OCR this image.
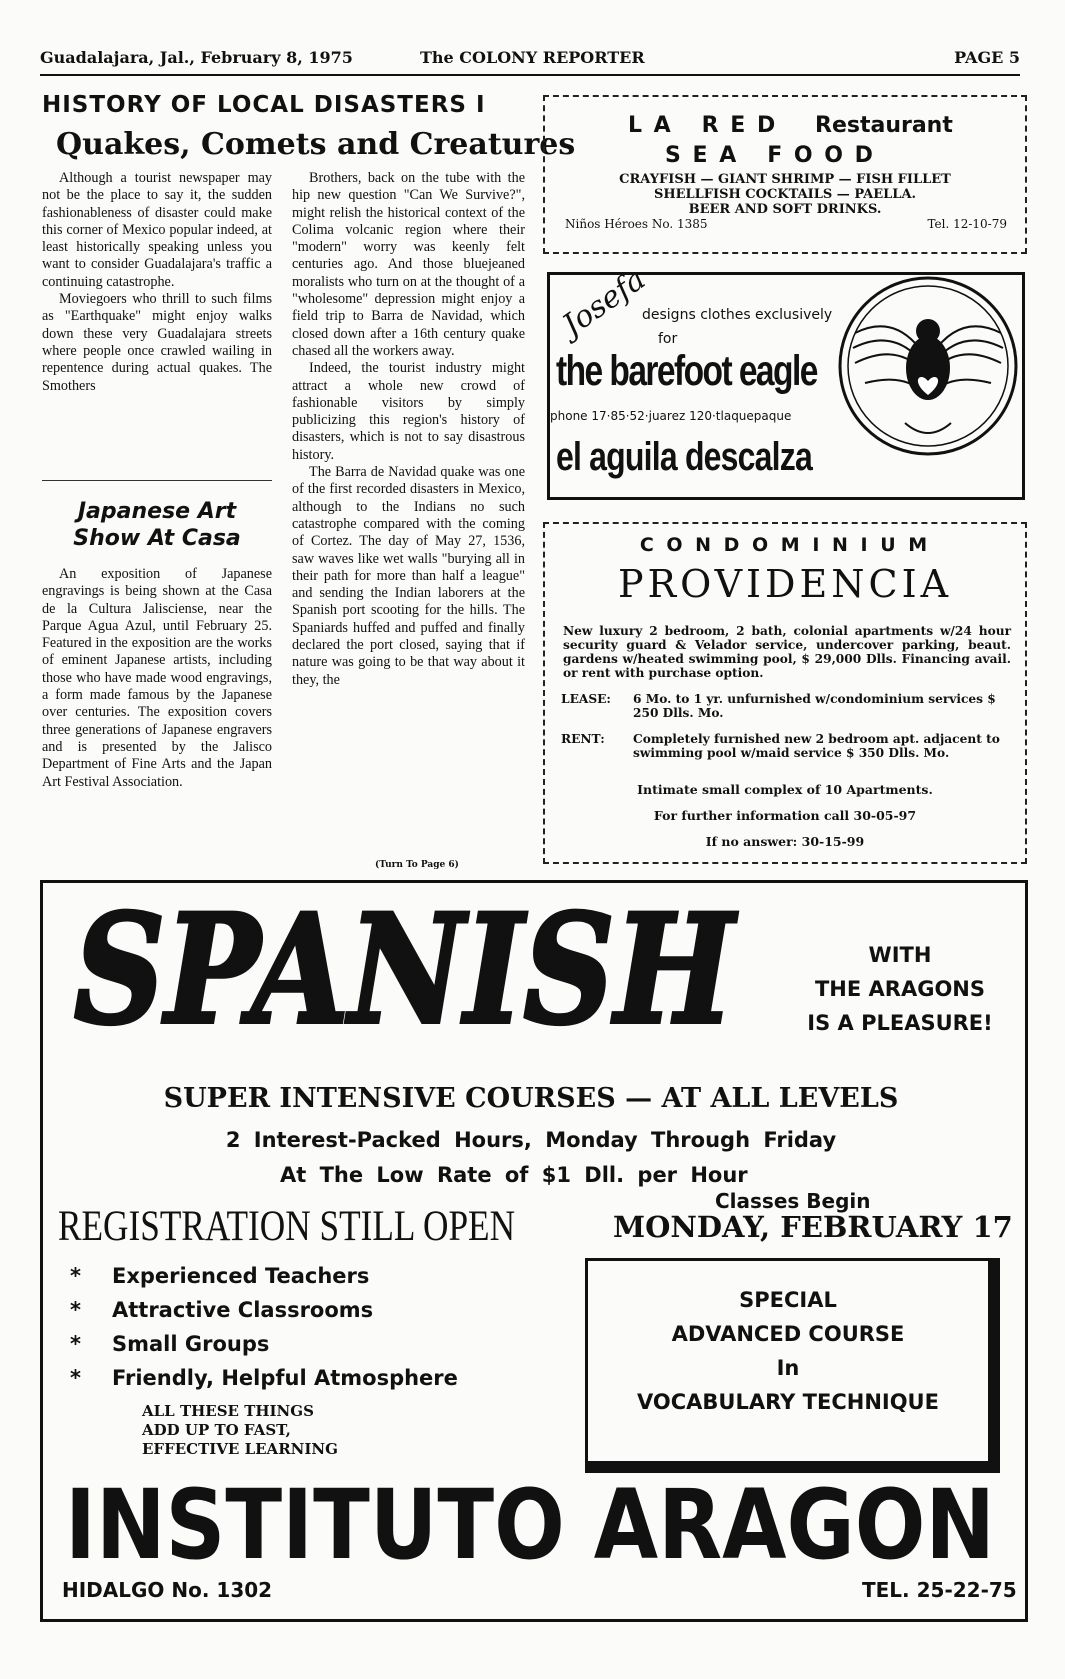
Guadalajara, Jal., February 8, 1975	The COLONY REPORTER	PAGE 5
HISTORY OF LOCAL DISASTERS I
Quakes, Comets and Creatures

Although a tourist newspaper may not be the place to say it, the sudden fashionableness of disaster could make this corner of Mexico popular indeed, at least historically speaking unless you want to consider Guadalajara's traffic a continuing catastrophe.

Moviegoers who thrill to such films as "Earthquake" might enjoy walks down these very Guadalajara streets where people once crawled wailing in repentence during actual quakes. The Smothers

Brothers, back on the tube with the hip new question "Can We Survive?", might relish the historical context of the Colima volcanic region where their "modern" worry was keenly felt centuries ago. And those bluejeaned moralists who turn on at the thought of a "wholesome" depression might enjoy a field trip to Barra de Navidad, which closed down after a 16th century quake chased all the workers away.

Indeed, the tourist industry might attract a whole new crowd of fashionable visitors by simply publicizing this region's history of disasters, which is not to say disastrous history.

The Barra de Navidad quake was one of the first recorded disasters in Mexico, although to the Indians no such catastrophe compared with the coming of Cortez. The day of May 27, 1536, saw waves like wet walls "burying all in their path for more than half a league" and sending the Indian laborers at the Spanish port scooting for the hills. The Spaniards huffed and puffed and finally declared the port closed, saying that if nature was going to be that way about it they, the

(Turn To Page 6)
Japanese Art
Show At Casa

An exposition of Japanese engravings is being shown at the Casa de la Cultura Jalisciense, near the Parque Agua Azul, until February 25. Featured in the exposition are the works of eminent Japanese artists, including those who have made wood engravings, a form made famous by the Japanese over centuries. The exposition covers three generations of Japanese engravers and is presented by the Jalisco Department of Fine Arts and the Japan Art Festival Association.

L A   R E D Restaurant
S E A   F O O D
CRAYFISH — GIANT SHRIMP — FISH FILLET
SHELLFISH COCKTAILS — PAELLA.
BEER AND SOFT DRINKS.
Niños Héroes No. 1385	Tel. 12-10-79
Josefa
designs clothes exclusively
for
the barefoot eagle
phone 17·85·52·juarez 120·tlaquepaque
el aguila descalza
C O N D O M I N I U M
PROVIDENCIA
New luxury 2 bedroom, 2 bath, colonial apartments w/24 hour security guard & Velador service, undercover parking, beaut. gardens w/heated swimming pool, $ 29,000 Dlls. Financing avail. or rent with purchase option.
LEASE: 6 Mo. to 1 yr. unfurnished w/condominium services $ 250 Dlls. Mo.
RENT: Completely furnished new 2 bedroom apt. adjacent to swimming pool w/maid service $ 350 Dlls. Mo.
Intimate small complex of 10 Apartments.
For further information call 30-05-97
If no answer: 30-15-99
SPANISH	WITH
THE ARAGONS
IS A PLEASURE!
SUPER INTENSIVE COURSES — AT ALL LEVELS
2 Interest-Packed Hours, Monday Through Friday
At The Low Rate of $1 Dll. per Hour
Classes Begin
REGISTRATION STILL OPEN	MONDAY, FEBRUARY 17
* Experienced Teachers
* Attractive Classrooms
* Small Groups
* Friendly, Helpful Atmosphere
ALL THESE THINGS
ADD UP TO FAST,
EFFECTIVE LEARNING
SPECIAL
ADVANCED COURSE
In
VOCABULARY TECHNIQUE
INSTITUTO ARAGON
HIDALGO No. 1302	TEL. 25-22-75
